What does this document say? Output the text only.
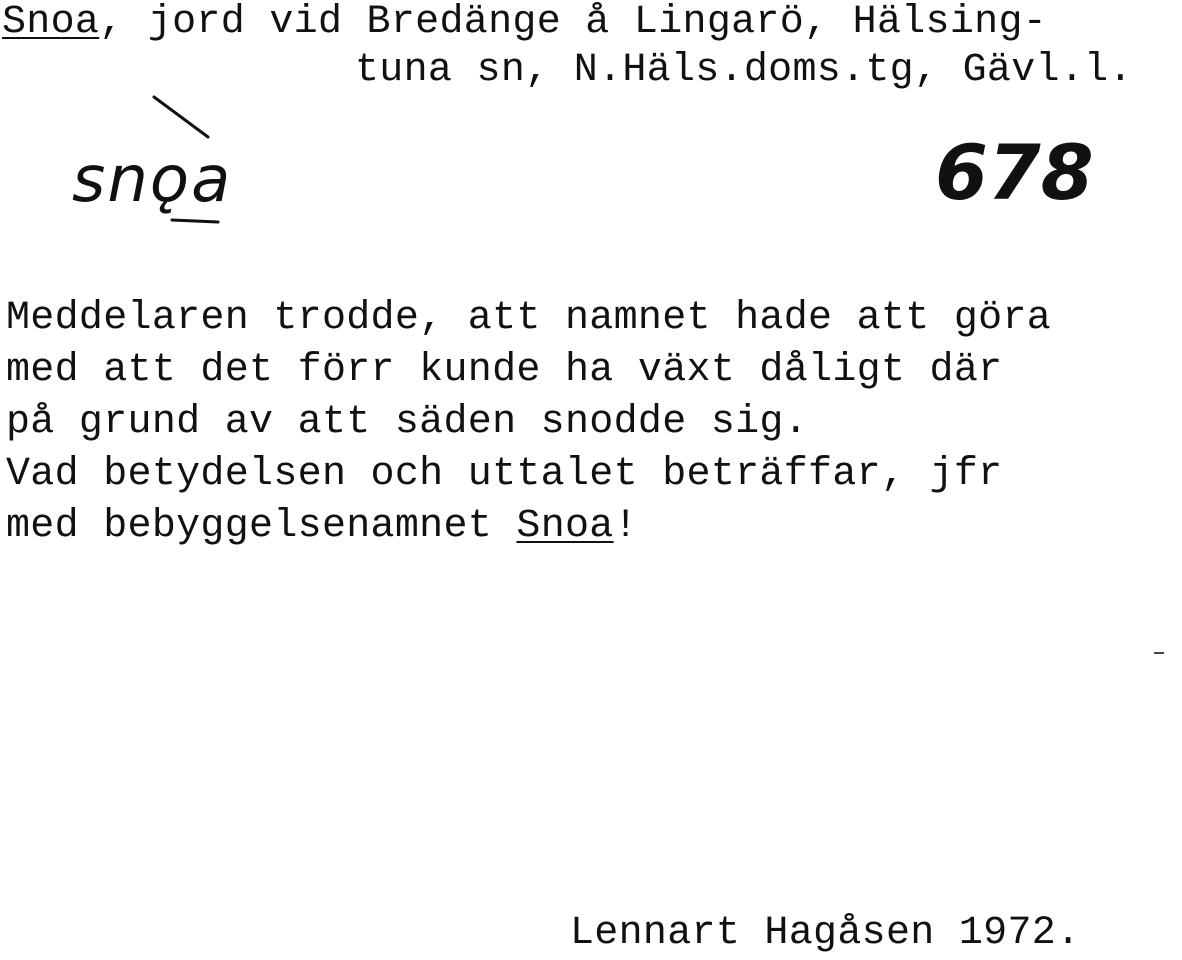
Snoa, jord vid Bredänge å Lingarö, Hälsing-
tuna sn, N.Häls.doms.tg, Gävl.l.
snǫa	678
Meddelaren trodde, att namnet hade att göra
med att det förr kunde ha växt dåligt där
på grund av att säden snodde sig.
Vad betydelsen och uttalet beträffar, jfr
med bebyggelsenamnet Snoa!
Lennart Hagåsen 1972.
